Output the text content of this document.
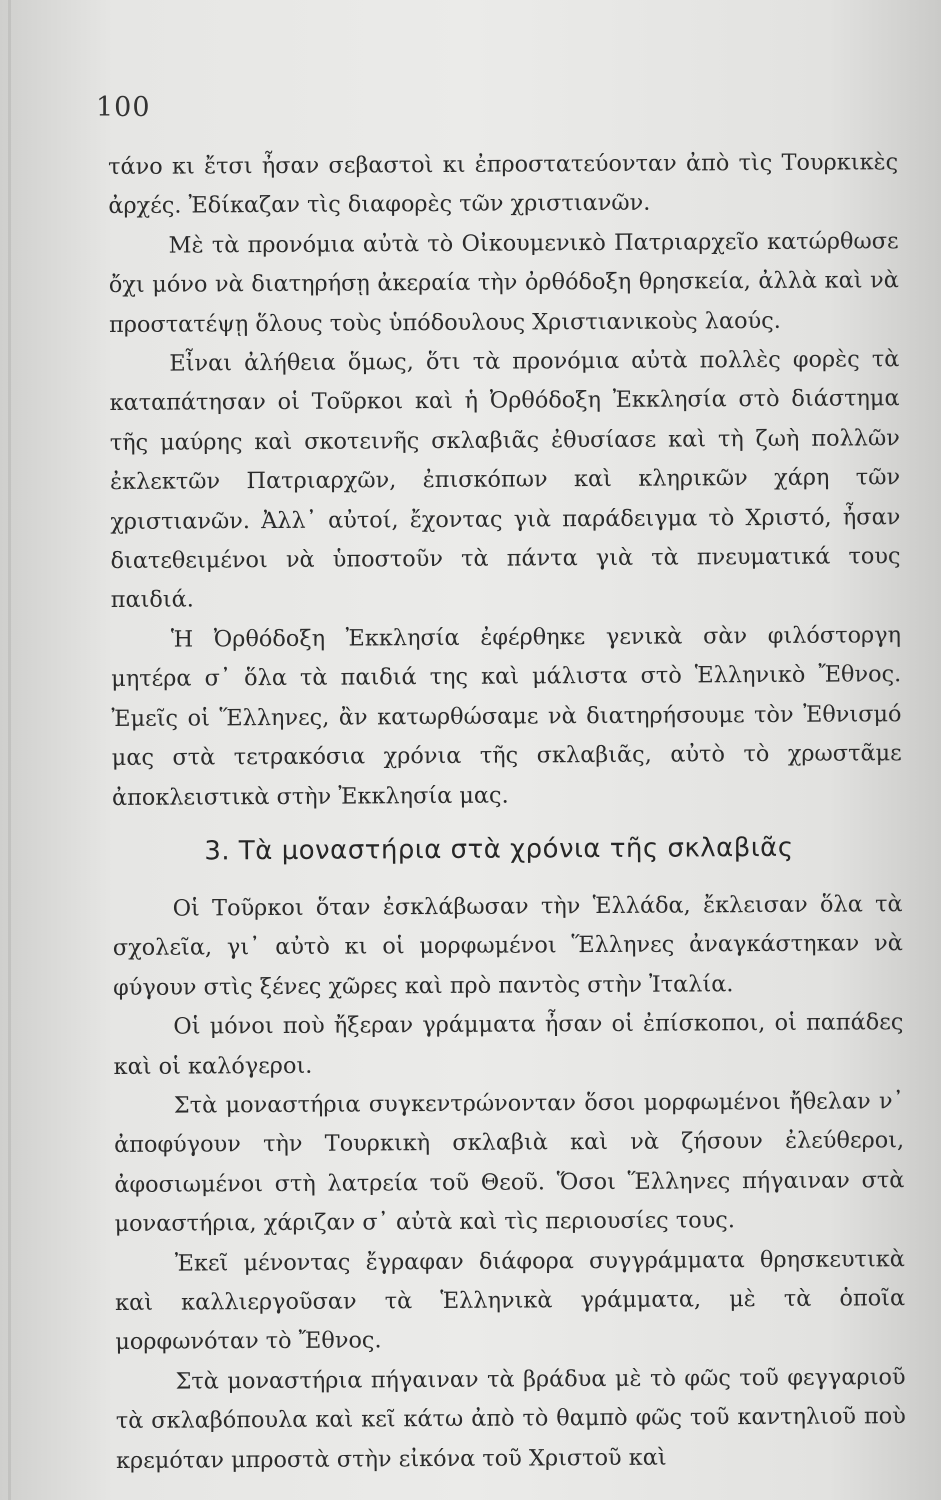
100

τάνο κι ἔτσι ἦσαν σεβαστοὶ κι ἐπροστατεύονταν ἀπὸ τὶς Τουρκικὲς ἀρχές. Ἐδίκαζαν τὶς διαφορὲς τῶν χριστιανῶν.

Μὲ τὰ προνόμια αὐτὰ τὸ Οἰκουμενικὸ Πατριαρχεῖο κατώρθωσε ὄχι μόνο νὰ διατηρήσῃ ἀκεραία τὴν ὀρθόδοξη θρησκεία, ἀλλὰ καὶ νὰ προστατέψῃ ὅλους τοὺς ὑπόδουλους Χριστιανικοὺς λαούς.

Εἶναι ἀλήθεια ὅμως, ὅτι τὰ προνόμια αὐτὰ πολλὲς φορὲς τὰ καταπάτησαν οἱ Τοῦρκοι καὶ ἡ Ὀρθόδοξη Ἐκκλησία στὸ διάστημα τῆς μαύρης καὶ σκοτεινῆς σκλαβιᾶς ἐθυσίασε καὶ τὴ ζωὴ πολλῶν ἐκλεκτῶν Πατριαρχῶν, ἐπισκόπων καὶ κληρικῶν χάρη τῶν χριστιανῶν. Ἀλλ᾽ αὐτοί, ἔχοντας γιὰ παράδειγμα τὸ Χριστό, ἦσαν διατεθειμένοι νὰ ὑποστοῦν τὰ πάντα γιὰ τὰ πνευματικά τους παιδιά.

Ἡ Ὀρθόδοξη Ἐκκλησία ἐφέρθηκε γενικὰ σὰν φιλόστοργη μητέρα σ᾽ ὅλα τὰ παιδιά της καὶ μάλιστα στὸ Ἑλληνικὸ Ἔθνος. Ἐμεῖς οἱ Ἕλληνες, ἂν κατωρθώσαμε νὰ διατηρήσουμε τὸν Ἐθνισμό μας στὰ τετρακόσια χρόνια τῆς σκλαβιᾶς, αὐτὸ τὸ χρωστᾶμε ἀποκλειστικὰ στὴν Ἐκκλησία μας.

3. Τὰ μοναστήρια στὰ χρόνια τῆς σκλαβιᾶς

Οἱ Τοῦρκοι ὅταν ἐσκλάβωσαν τὴν Ἑλλάδα, ἔκλεισαν ὅλα τὰ σχολεῖα, γι᾽ αὐτὸ κι οἱ μορφωμένοι Ἕλληνες ἀναγκάστηκαν νὰ φύγουν στὶς ξένες χῶρες καὶ πρὸ παντὸς στὴν Ἰταλία.

Οἱ μόνοι ποὺ ἤξεραν γράμματα ἦσαν οἱ ἐπίσκοποι, οἱ παπάδες καὶ οἱ καλόγεροι.

Στὰ μοναστήρια συγκεντρώνονταν ὅσοι μορφωμένοι ἤθελαν ν᾽ ἀποφύγουν τὴν Τουρκικὴ σκλαβιὰ καὶ νὰ ζήσουν ἐλεύθεροι, ἀφοσιωμένοι στὴ λατρεία τοῦ Θεοῦ. Ὅσοι Ἕλληνες πήγαιναν στὰ μοναστήρια, χάριζαν σ᾽ αὐτὰ καὶ τὶς περιουσίες τους.

Ἐκεῖ μένοντας ἔγραφαν διάφορα συγγράμματα θρησκευτικὰ καὶ καλλιεργοῦσαν τὰ Ἑλληνικὰ γράμματα, μὲ τὰ ὁποῖα μορφωνόταν τὸ Ἔθνος.

Στὰ μοναστήρια πήγαιναν τὰ βράδυα μὲ τὸ φῶς τοῦ φεγγαριοῦ τὰ σκλαβόπουλα καὶ κεῖ κάτω ἀπὸ τὸ θαμπὸ φῶς τοῦ καντηλιοῦ ποὺ κρεμόταν μπροστὰ στὴν εἰκόνα τοῦ Χριστοῦ καὶ
